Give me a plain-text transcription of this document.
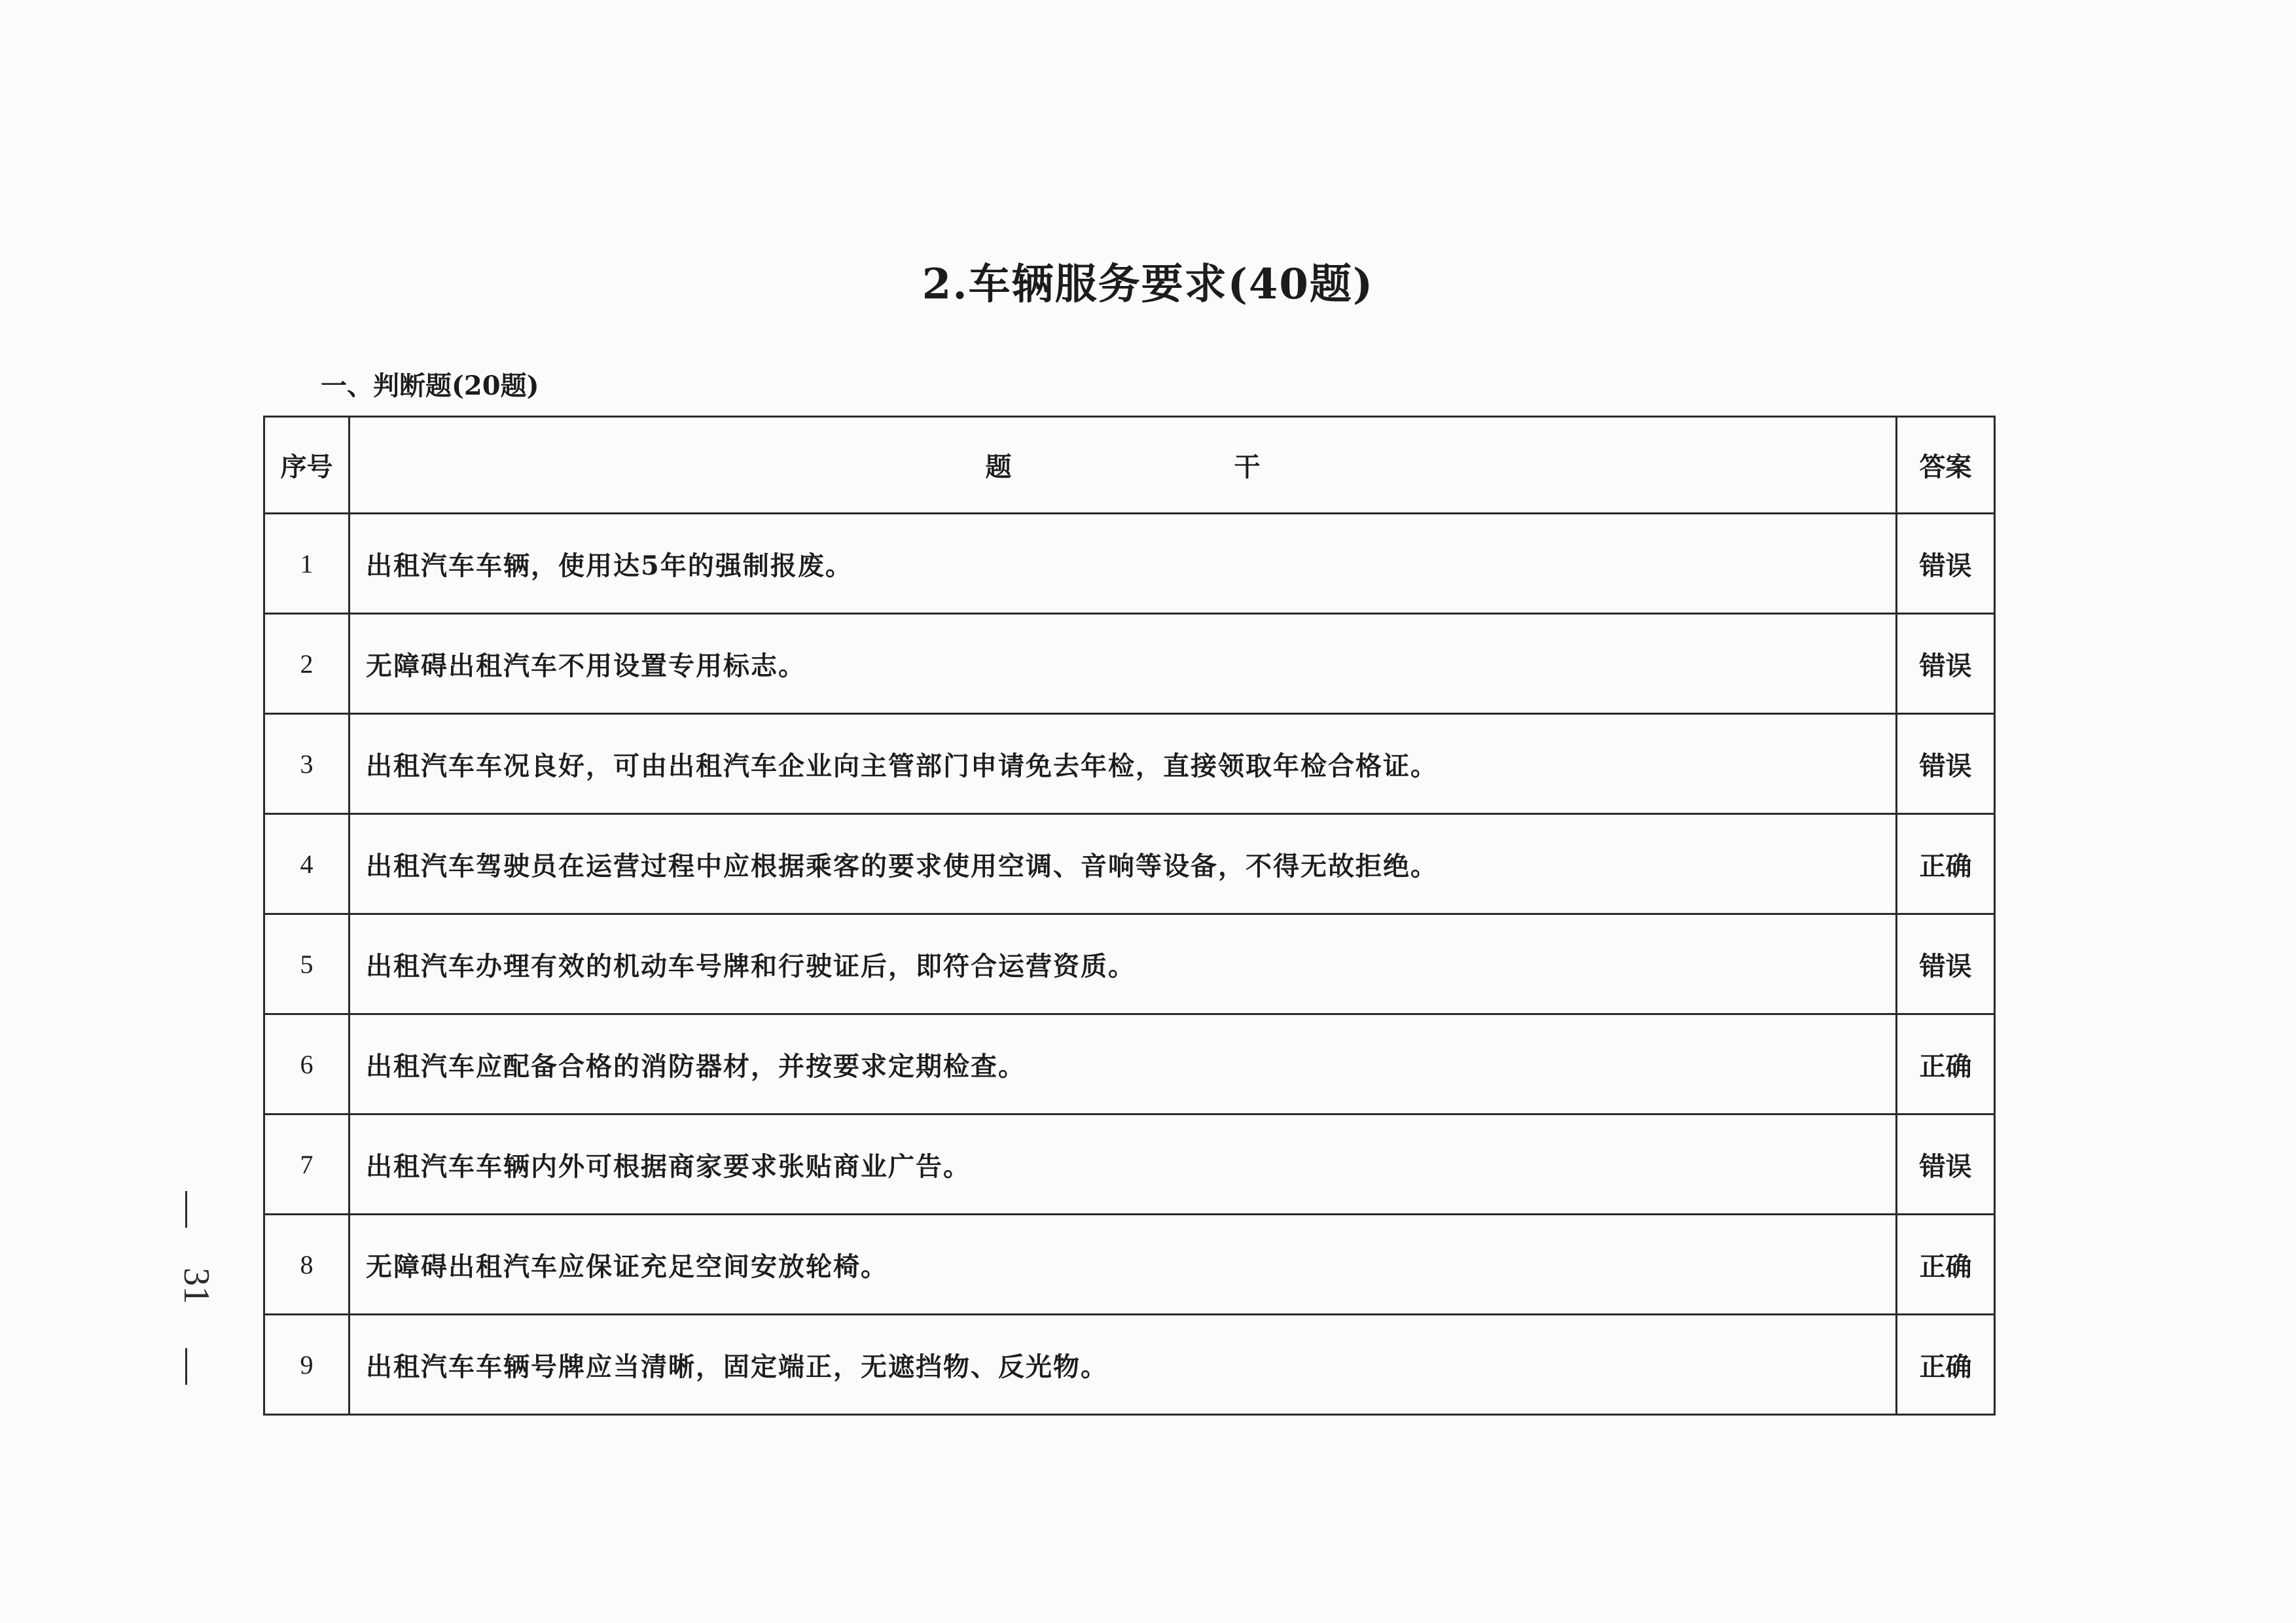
2.车辆服务要求(40题)
一、判断题(20题)
序号	题 干	答案
1	出租汽车车辆，使用达5年的强制报废。	错误
2	无障碍出租汽车不用设置专用标志。	错误
3	出租汽车车况良好，可由出租汽车企业向主管部门申请免去年检，直接领取年检合格证。	错误
4	出租汽车驾驶员在运营过程中应根据乘客的要求使用空调、音响等设备，不得无故拒绝。	正确
5	出租汽车办理有效的机动车号牌和行驶证后，即符合运营资质。	错误
6	出租汽车应配备合格的消防器材，并按要求定期检查。	正确
7	出租汽车车辆内外可根据商家要求张贴商业广告。	错误
8	无障碍出租汽车应保证充足空间安放轮椅。	正确
9	出租汽车车辆号牌应当清晰，固定端正，无遮挡物、反光物。	正确
31
